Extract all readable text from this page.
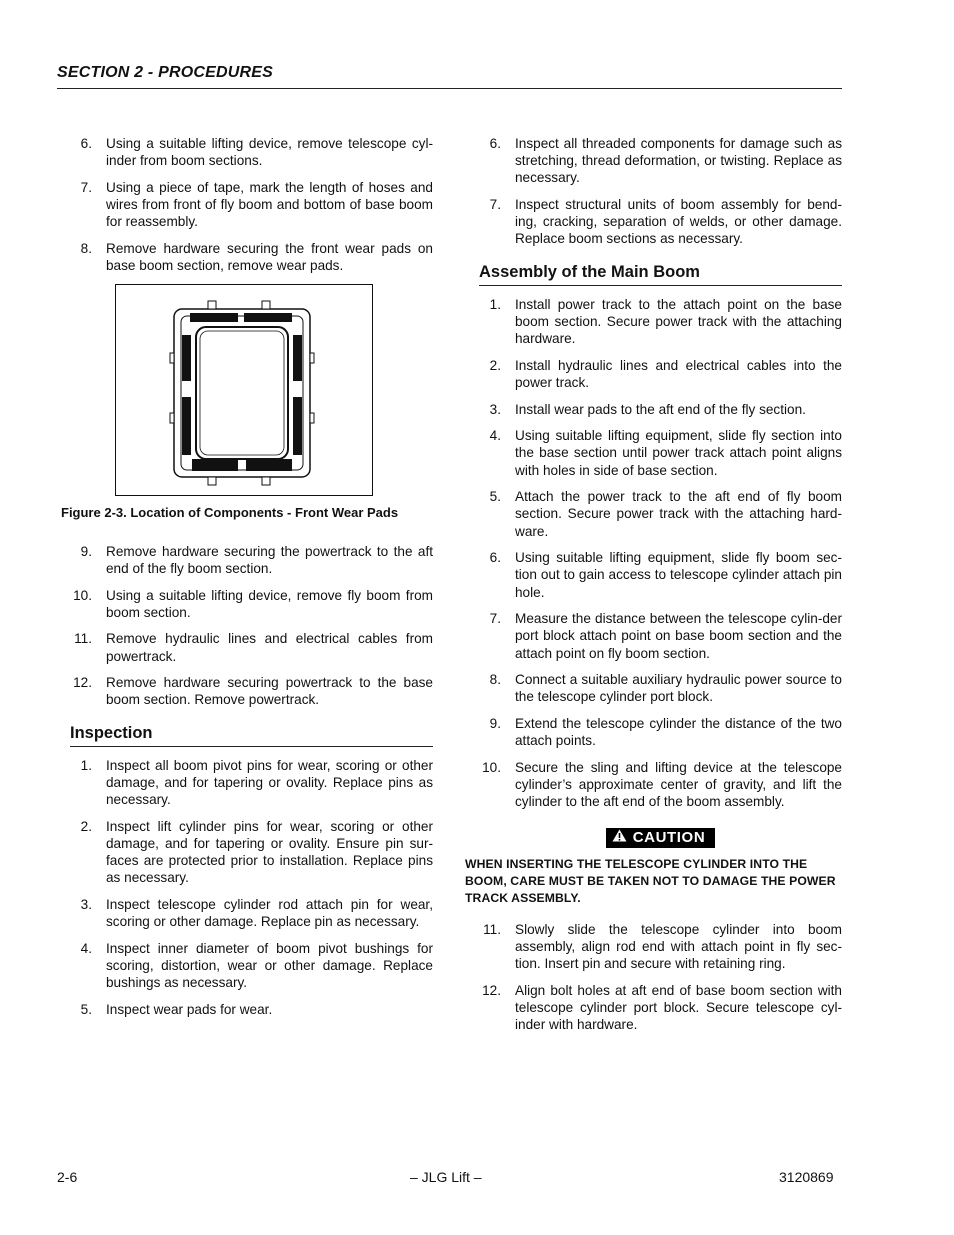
SECTION 2 - PROCEDURES
6. Using a suitable lifting device, remove telescope cyl-inder from boom sections.
7. Using a piece of tape, mark the length of hoses and wires from front of fly boom and bottom of base boom for reassembly.
8. Remove hardware securing the front wear pads on base boom section, remove wear pads.
Figure 2-3. Location of Components - Front Wear Pads
9. Remove hardware securing the powertrack to the aft end of the fly boom section.
10. Using a suitable lifting device, remove fly boom from boom section.
11. Remove hydraulic lines and electrical cables from powertrack.
12. Remove hardware securing powertrack to the base boom section. Remove powertrack.
Inspection
1. Inspect all boom pivot pins for wear, scoring or other damage, and for tapering or ovality. Replace pins as necessary.
2. Inspect lift cylinder pins for wear, scoring or other damage, and for tapering or ovality. Ensure pin sur-faces are protected prior to installation. Replace pins as necessary.
3. Inspect telescope cylinder rod attach pin for wear, scoring or other damage. Replace pin as necessary.
4. Inspect inner diameter of boom pivot bushings for scoring, distortion, wear or other damage. Replace bushings as necessary.
5. Inspect wear pads for wear.
6. Inspect all threaded components for damage such as stretching, thread deformation, or twisting. Replace as necessary.
7. Inspect structural units of boom assembly for bend-ing, cracking, separation of welds, or other damage. Replace boom sections as necessary.
Assembly of the Main Boom
1. Install power track to the attach point on the base boom section. Secure power track with the attaching hardware.
2. Install hydraulic lines and electrical cables into the power track.
3. Install wear pads to the aft end of the fly section.
4. Using suitable lifting equipment, slide fly section into the base section until power track attach point aligns with holes in side of base section.
5. Attach the power track to the aft end of fly boom section. Secure power track with the attaching hard-ware.
6. Using suitable lifting equipment, slide fly boom sec-tion out to gain access to telescope cylinder attach pin hole.
7. Measure the distance between the telescope cylin-der port block attach point on base boom section and the attach point on fly boom section.
8. Connect a suitable auxiliary hydraulic power source to the telescope cylinder port block.
9. Extend the telescope cylinder the distance of the two attach points.
10. Secure the sling and lifting device at the telescope cylinder’s approximate center of gravity, and lift the cylinder to the aft end of the boom assembly.
CAUTION
WHEN INSERTING THE TELESCOPE CYLINDER INTO THE BOOM, CARE MUST BE TAKEN NOT TO DAMAGE THE POWER TRACK ASSEMBLY.
11. Slowly slide the telescope cylinder into boom assembly, align rod end with attach point in fly sec-tion. Insert pin and secure with retaining ring.
12. Align bolt holes at aft end of base boom section with telescope cylinder port block. Secure telescope cyl-inder with hardware.
2-6	– JLG Lift –	3120869
